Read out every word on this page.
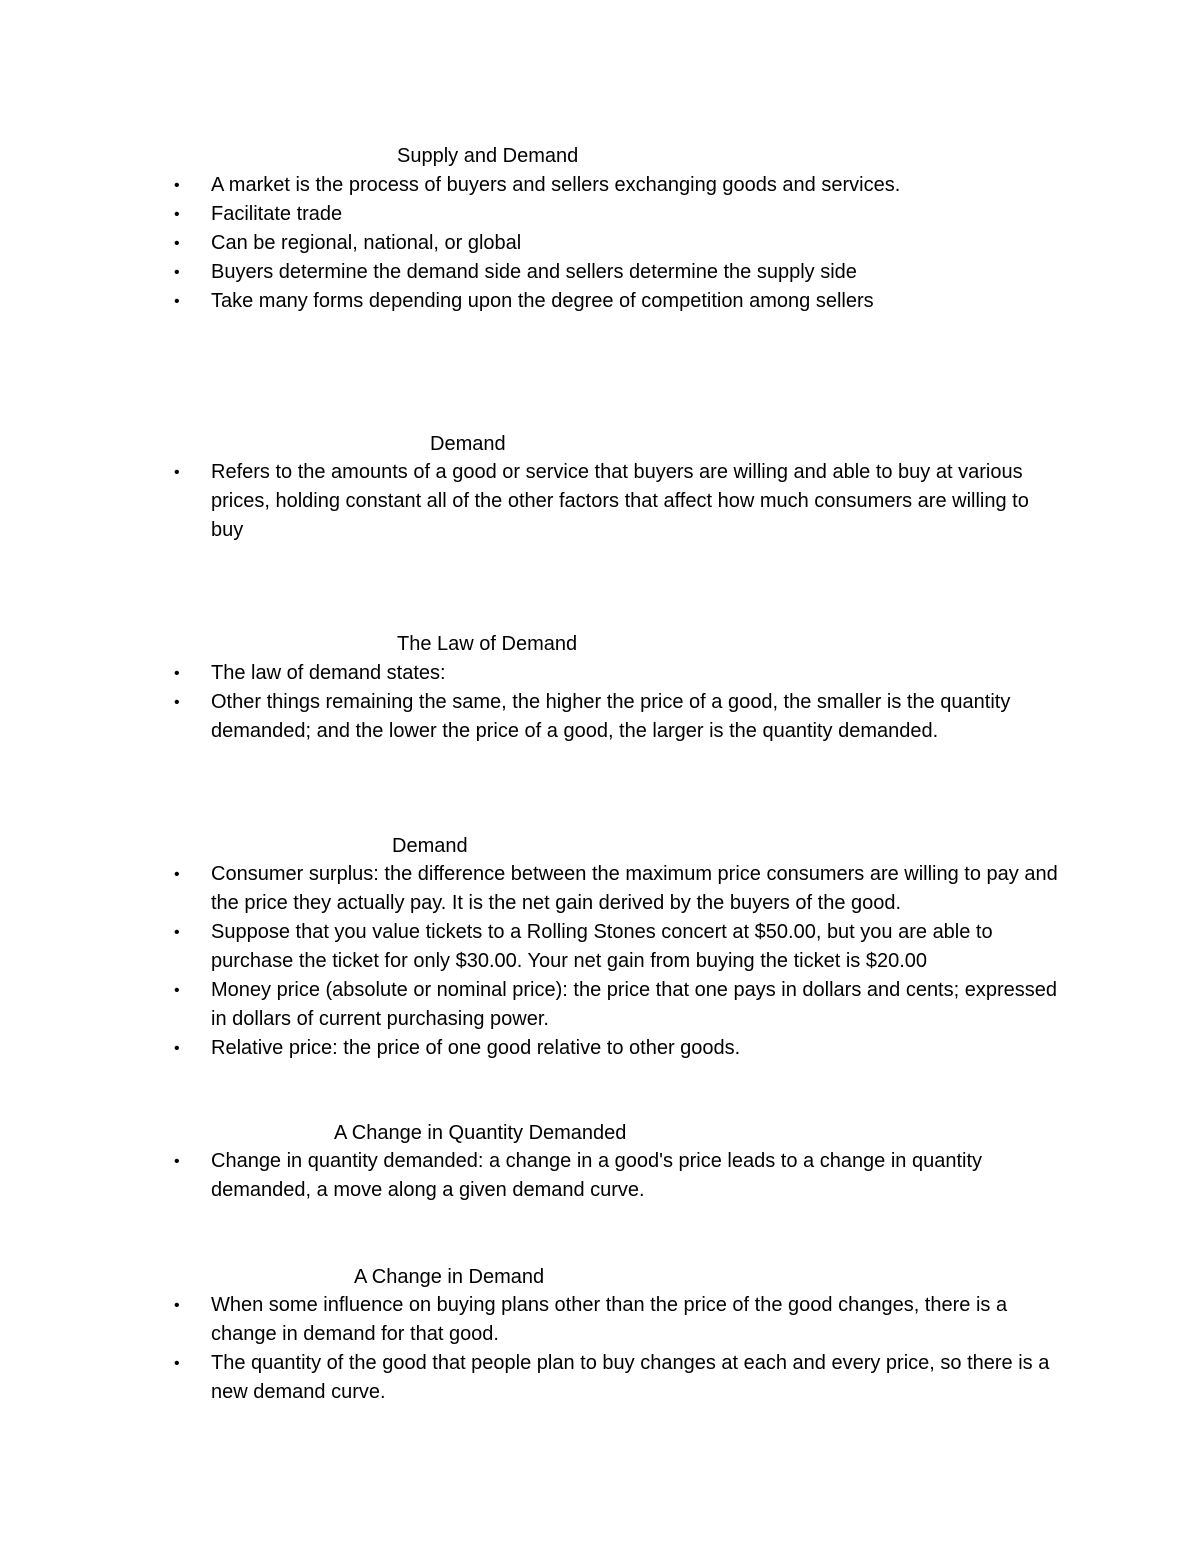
Supply and Demand
• A market is the process of buyers and sellers exchanging goods and services.
• Facilitate trade
• Can be regional, national, or global
• Buyers determine the demand side and sellers determine the supply side
• Take many forms depending upon the degree of competition among sellers
Demand
• Refers to the amounts of a good or service that buyers are willing and able to buy at various prices, holding constant all of the other factors that affect how much consumers are willing to buy
The Law of Demand
• The law of demand states:
• Other things remaining the same, the higher the price of a good, the smaller is the quantity demanded; and the lower the price of a good, the larger is the quantity demanded.
Demand
• Consumer surplus: the difference between the maximum price consumers are willing to pay and the price they actually pay. It is the net gain derived by the buyers of the good.
• Suppose that you value tickets to a Rolling Stones concert at $50.00, but you are able to purchase the ticket for only $30.00. Your net gain from buying the ticket is $20.00
• Money price (absolute or nominal price): the price that one pays in dollars and cents; expressed in dollars of current purchasing power.
• Relative price: the price of one good relative to other goods.
A Change in Quantity Demanded
• Change in quantity demanded: a change in a good's price leads to a change in quantity demanded, a move along a given demand curve.
A Change in Demand
• When some influence on buying plans other than the price of the good changes, there is a change in demand for that good.
• The quantity of the good that people plan to buy changes at each and every price, so there is a new demand curve.
